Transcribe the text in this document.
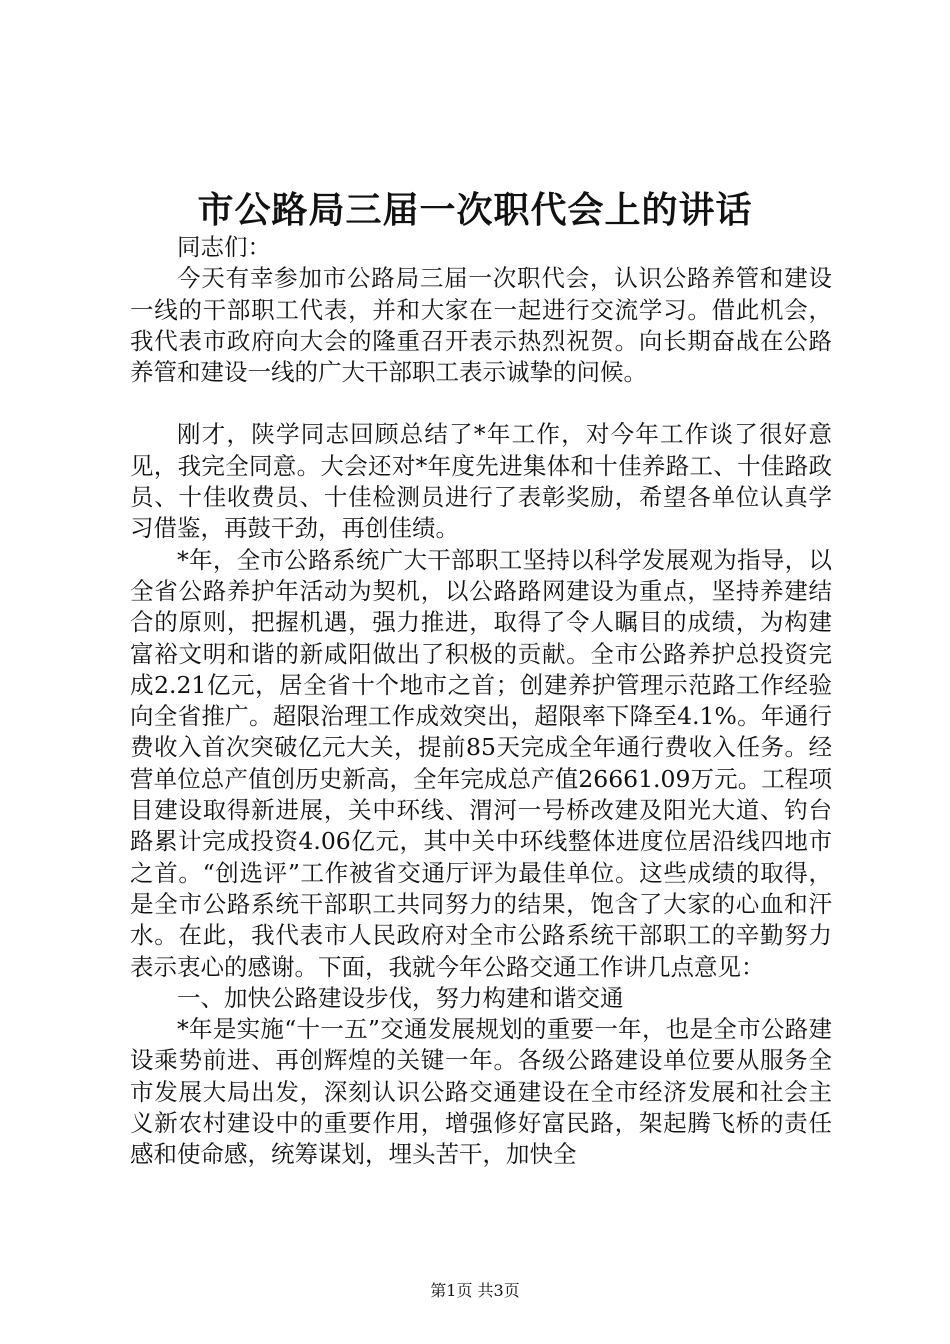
市公路局三届一次职代会上的讲话

同志们：

今天有幸参加市公路局三届一次职代会，认识公路养管和建设一线的干部职工代表，并和大家在一起进行交流学习。借此机会，我代表市政府向大会的隆重召开表示热烈祝贺。向长期奋战在公路养管和建设一线的广大干部职工表示诚挚的问候。

刚才，陕学同志回顾总结了*年工作，对今年工作谈了很好意见，我完全同意。大会还对*年度先进集体和十佳养路工、十佳路政员、十佳收费员、十佳检测员进行了表彰奖励，希望各单位认真学习借鉴，再鼓干劲，再创佳绩。

*年，全市公路系统广大干部职工坚持以科学发展观为指导，以全省公路养护年活动为契机，以公路路网建设为重点，坚持养建结合的原则，把握机遇，强力推进，取得了令人瞩目的成绩，为构建富裕文明和谐的新咸阳做出了积极的贡献。全市公路养护总投资完成2.21亿元，居全省十个地市之首；创建养护管理示范路工作经验向全省推广。超限治理工作成效突出，超限率下降至4.1%。年通行费收入首次突破亿元大关，提前85天完成全年通行费收入任务。经营单位总产值创历史新高，全年完成总产值26661.09万元。工程项目建设取得新进展，关中环线、渭河一号桥改建及阳光大道、钓台路累计完成投资4.06亿元，其中关中环线整体进度位居沿线四地市之首。“创选评”工作被省交通厅评为最佳单位。这些成绩的取得，是全市公路系统干部职工共同努力的结果，饱含了大家的心血和汗水。在此，我代表市人民政府对全市公路系统干部职工的辛勤努力表示衷心的感谢。下面，我就今年公路交通工作讲几点意见：

一、加快公路建设步伐，努力构建和谐交通

*年是实施“十一五”交通发展规划的重要一年，也是全市公路建设乘势前进、再创辉煌的关键一年。各级公路建设单位要从服务全市发展大局出发，深刻认识公路交通建设在全市经济发展和社会主义新农村建设中的重要作用，增强修好富民路，架起腾飞桥的责任感和使命感，统筹谋划，埋头苦干，加快全

第1页 共3页
